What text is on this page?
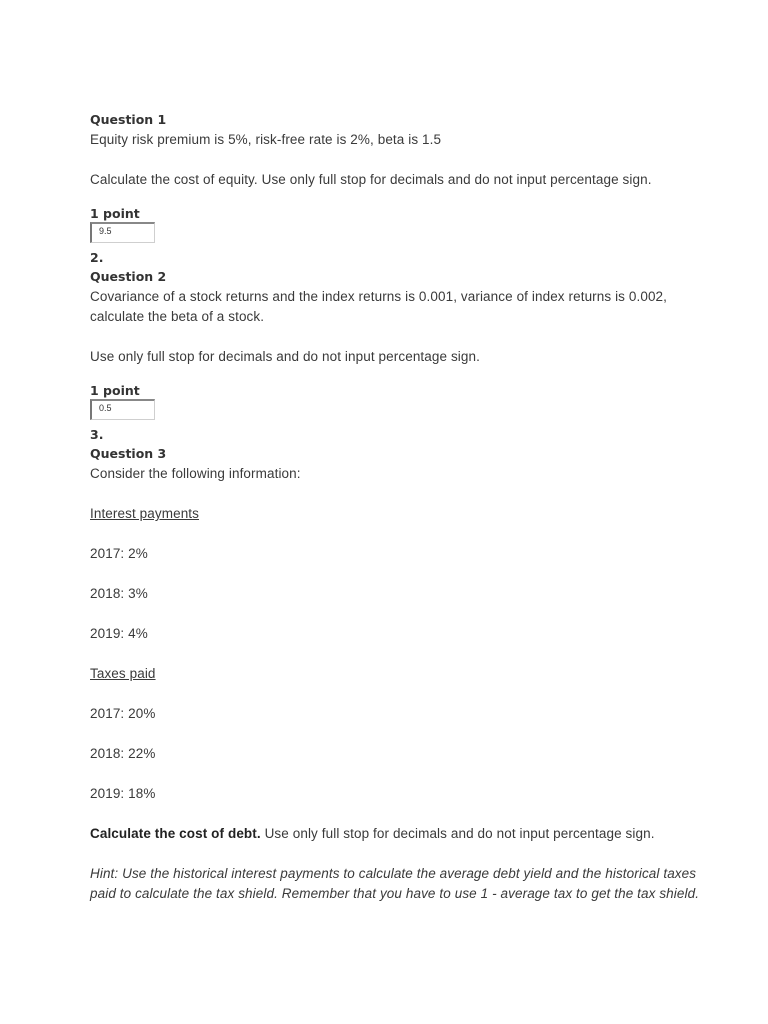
Question 1
Equity risk premium is 5%, risk-free rate is 2%, beta is 1.5
Calculate the cost of equity. Use only full stop for decimals and do not input percentage sign.
1 point
9.5
2.
Question 2
Covariance of a stock returns and the index returns is 0.001, variance of index returns is 0.002,
calculate the beta of a stock.
Use only full stop for decimals and do not input percentage sign.
1 point
0.5
3.
Question 3
Consider the following information:
Interest payments
2017: 2%
2018: 3%
2019: 4%
Taxes paid
2017: 20%
2018: 22%
2019: 18%
Calculate the cost of debt. Use only full stop for decimals and do not input percentage sign.
Hint: Use the historical interest payments to calculate the average debt yield and the historical taxes
paid to calculate the tax shield. Remember that you have to use 1 - average tax to get the tax shield.
